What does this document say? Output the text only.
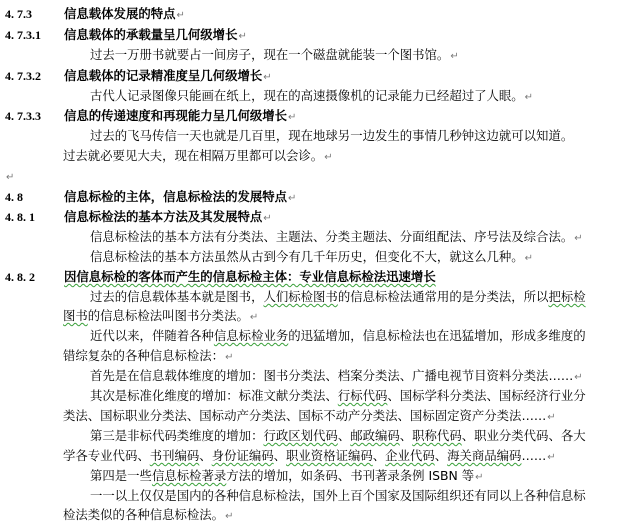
4. 7.3	信息载体发展的特点↵
4. 7.3.1 信息载体的承载量呈几何级增长↵
过去一万册书就要占一间房子，现在一个磁盘就能装一个图书馆。↵
4. 7.3.2 信息载体的记录精准度呈几何级增长↵
古代人记录图像只能画在纸上，现在的高速摄像机的记录能力已经超过了人眼。↵
4. 7.3.3 信息的传递速度和再现能力呈几何级增长↵
过去的飞马传信一天也就是几百里，现在地球另一边发生的事情几秒钟这边就可以知道。
过去就必要见大夫，现在相隔万里都可以会诊。↵
↵
4. 8	信息标检的主体，信息标检法的发展特点↵
4. 8. 1 信息标检法的基本方法及其发展特点↵
信息标检法的基本方法有分类法、主题法、分类主题法、分面组配法、序号法及综合法。↵
信息标检法的基本方法虽然从古到今有几千年历史，但变化不大，就这么几种。↵
4. 8. 2 因信息标检的客体而产生的信息标检主体：专业信息标检法迅速增长
过去的信息载体基本就是图书，人们标检图书的信息标检法通常用的是分类法，所以把标检
图书的信息标检法叫图书分类法。↵
近代以来，伴随着各种信息标检业务的迅猛增加，信息标检法也在迅猛增加，形成多维度的
错综复杂的各种信息标检法：↵
首先是在信息载体维度的增加：图书分类法、档案分类法、广播电视节目资料分类法……↵
其次是标准化维度的增加：标准文献分类法、行标代码、国标学科分类法、国标经济行业分
类法、国标职业分类法、国标动产分类法、国标不动产分类法、国标固定资产分类法……↵
第三是非标代码类维度的增加：行政区划代码、邮政编码、职称代码、职业分类代码、各大
学各专业代码、书刊编码、身份证编码、职业资格证编码、企业代码、海关商品编码……↵
第四是一些信息标检著录方法的增加，如条码、书刊著录条例 ISBN 等↵
一一以上仅仅是国内的各种信息标检法，国外上百个国家及国际组织还有同以上各种信息标
检法类似的各种信息标检法。↵
